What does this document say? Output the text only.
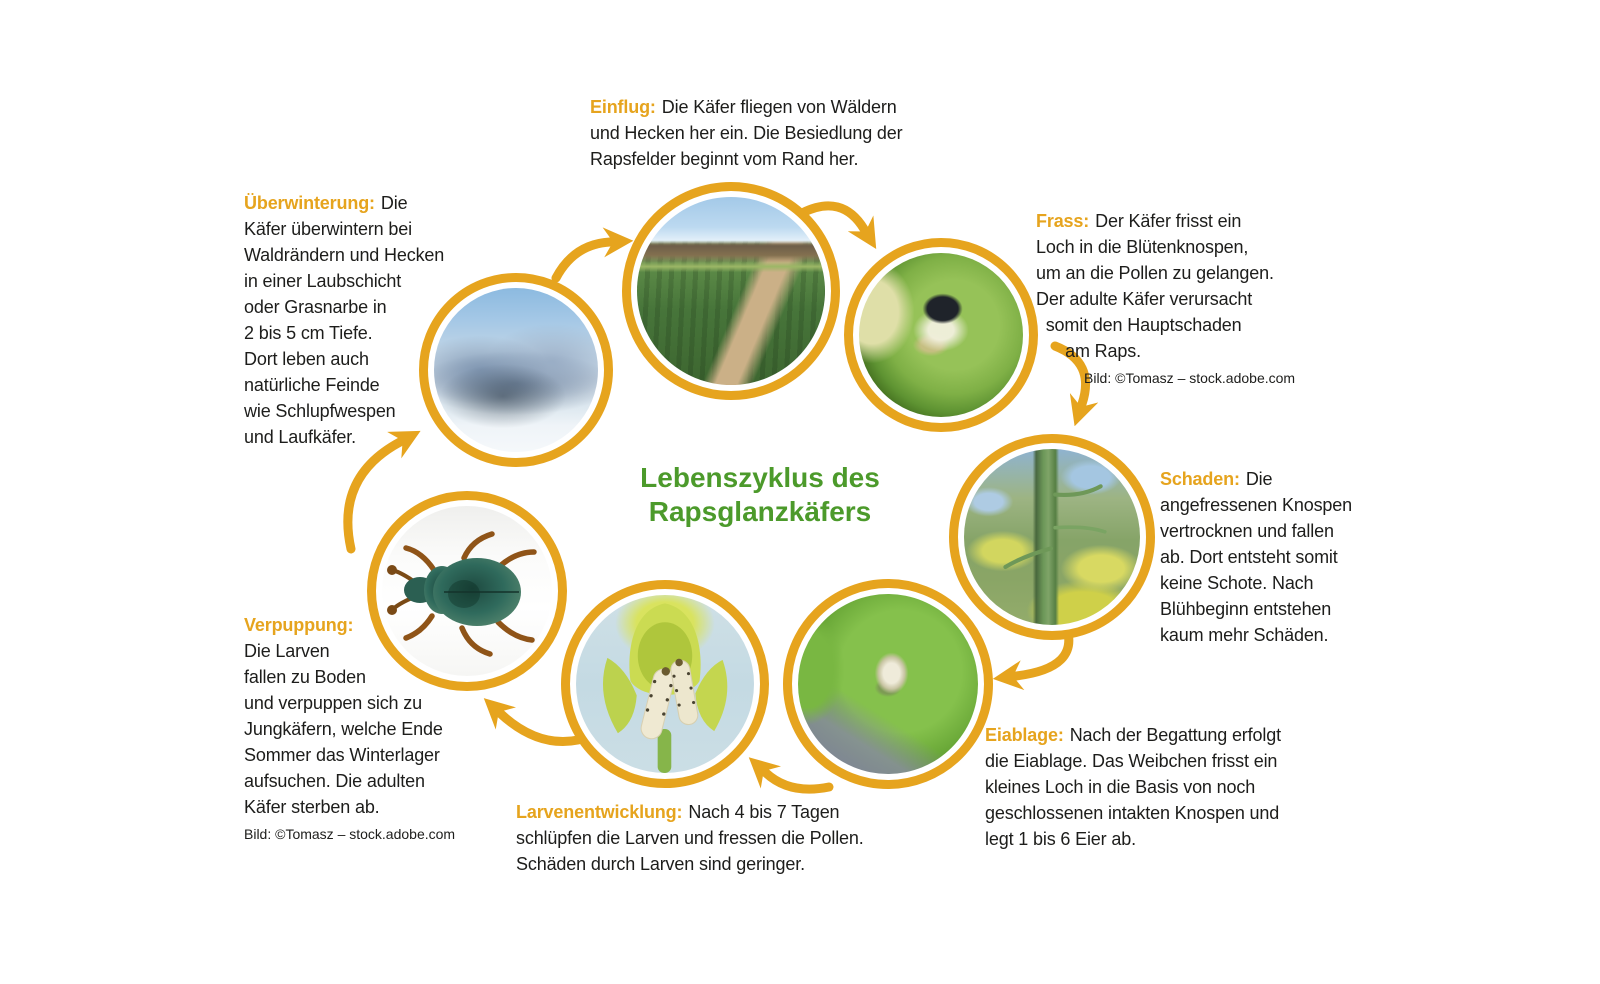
Lebenszyklus des
Rapsglanzkäfers
Überwinterung: Die
Käfer überwintern bei
Waldrändern und Hecken
in einer Laubschicht
oder Grasnarbe in
2 bis 5 cm Tiefe.
Dort leben auch
natürliche Feinde
wie Schlupfwespen
und Laufkäfer.
Einflug: Die Käfer fliegen von Wäldern
und Hecken her ein. Die Besiedlung der
Rapsfelder beginnt vom Rand her.
Frass: Der Käfer frisst ein
Loch in die Blütenknospen,
um an die Pollen zu gelangen.
Der adulte Käfer verursacht
somit den Hauptschaden
am Raps.
Bild: ©Tomasz – stock.adobe.com
Schaden: Die
angefressenen Knospen
vertrocknen und fallen
ab. Dort entsteht somit
keine Schote. Nach
Blühbeginn entstehen
kaum mehr Schäden.
Eiablage: Nach der Begattung erfolgt
die Eiablage. Das Weibchen frisst ein
kleines Loch in die Basis von noch
geschlossenen intakten Knospen und
legt 1 bis 6 Eier ab.
Larvenentwicklung: Nach 4 bis 7 Tagen
schlüpfen die Larven und fressen die Pollen.
Schäden durch Larven sind geringer.
Verpuppung:
Die Larven
fallen zu Boden
und verpuppen sich zu
Jungkäfern, welche Ende
Sommer das Winterlager
aufsuchen. Die adulten
Käfer sterben ab.
Bild: ©Tomasz – stock.adobe.com
